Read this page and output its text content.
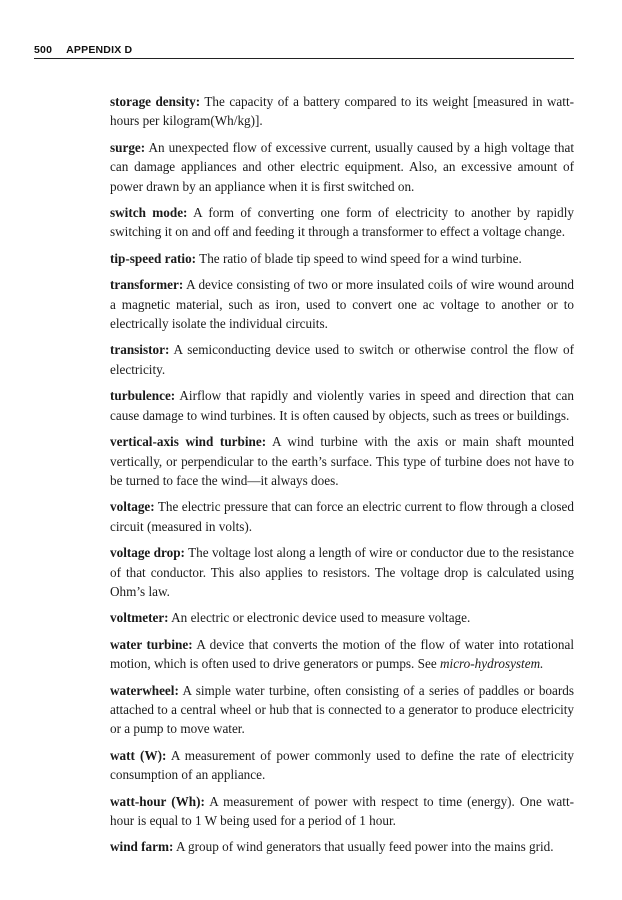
500 APPENDIX D

storage density: The capacity of a battery compared to its weight [measured in watt-hours per kilogram(Wh/kg)].

surge: An unexpected flow of excessive current, usually caused by a high voltage that can damage appliances and other electric equipment. Also, an excessive amount of power drawn by an appliance when it is first switched on.

switch mode: A form of converting one form of electricity to another by rapidly switching it on and off and feeding it through a transformer to effect a voltage change.

tip-speed ratio: The ratio of blade tip speed to wind speed for a wind turbine.

transformer: A device consisting of two or more insulated coils of wire wound around a magnetic material, such as iron, used to convert one ac voltage to another or to electrically isolate the individual circuits.

transistor: A semiconducting device used to switch or otherwise control the flow of electricity.

turbulence: Airflow that rapidly and violently varies in speed and direction that can cause damage to wind turbines. It is often caused by objects, such as trees or buildings.

vertical-axis wind turbine: A wind turbine with the axis or main shaft mounted vertically, or perpendicular to the earth’s surface. This type of turbine does not have to be turned to face the wind—it always does.

voltage: The electric pressure that can force an electric current to flow through a closed circuit (measured in volts).

voltage drop: The voltage lost along a length of wire or conductor due to the resistance of that conductor. This also applies to resistors. The voltage drop is calculated using Ohm’s law.

voltmeter: An electric or electronic device used to measure voltage.

water turbine: A device that converts the motion of the flow of water into rotational motion, which is often used to drive generators or pumps. See micro-hydrosystem.

waterwheel: A simple water turbine, often consisting of a series of paddles or boards attached to a central wheel or hub that is connected to a generator to produce electricity or a pump to move water.

watt (W): A measurement of power commonly used to define the rate of electricity consumption of an appliance.

watt-hour (Wh): A measurement of power with respect to time (energy). One watt-hour is equal to 1 W being used for a period of 1 hour.

wind farm: A group of wind generators that usually feed power into the mains grid.
